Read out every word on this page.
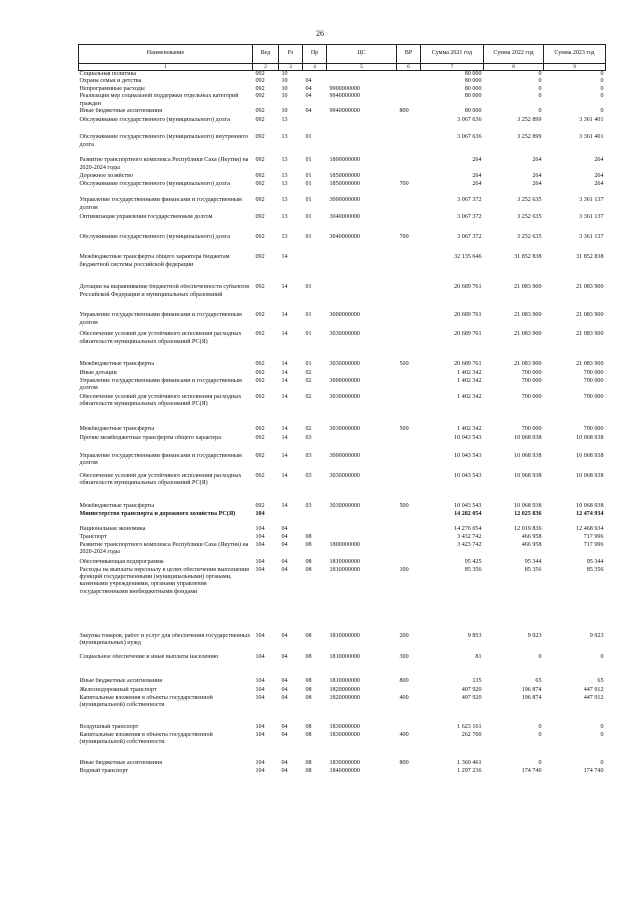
26
Наименование	Вед	Рз	Пр	ЦС	ВР	Сумма 2021 год	Сумма 2022 год	Сумма 2023 год
1	2	3	4	5	6	7	8	9
Социальная политика	092	10				80 000	0	0
Охрана семьи и детства	092	10	04			80 000	0	0
Непрограммные расходы	092	10	04	9900000000		80 000	0	0
Реализация мер социальной поддержки отдельных категорий граждан	092	10	04	9940000000		80 000	0	0
Иные бюджетные ассигнования	092	10	04	9940000000	800	80 000	0	0
Обслуживание государственного (муниципального) долга	092	13				3 067 636	3 252 899	3 361 401
Обслуживание государственного (муниципального) внутреннего долга	092	13	01			3 067 636	3 252 899	3 361 401
Развитие транспортного комплекса Республики Саха (Якутия) на 2020-2024 годы	092	13	01	1800000000		264	264	264
Дорожное хозяйство	092	13	01	1850000000		264	264	264
Обслуживание государственного (муниципального) долга	092	13	01	1850000000	700	264	264	264
Управление государственными финансами и государственным долгом	092	13	01	3000000000		3 067 372	3 252 635	3 361 137
Оптимизация управления государственным долгом	092	13	01	3040000000		3 067 372	3 252 635	3 361 137
Обслуживание государственного (муниципального) долга	092	13	01	3040000000	700	3 067 372	3 252 635	3 361 137
Межбюджетные трансферты общего характера бюджетам бюджетной системы российской федерации	092	14				32 135 646	31 852 838	31 852 838
Дотации на выравнивание бюджетной обеспеченности субъектов Российской Федерации и муниципальных образований	092	14	01			20 689 761	21 083 900	21 083 900
Управление государственными финансами и государственным долгом	092	14	01	3000000000		20 689 761	21 083 900	21 083 900
Обеспечение условий для устойчивого исполнения расходных обязательств муниципальных образований РС(Я)	092	14	01	3030000000		20 689 761	21 083 900	21 083 900
Межбюджетные трансферты	092	14	01	3030000000	500	20 689 761	21 083 900	21 083 900
Иные дотации	092	14	02			1 402 342	700 000	700 000
Управление государственными финансами и государственным долгом	092	14	02	3000000000		1 402 342	700 000	700 000
Обеспечение условий для устойчивого исполнения расходных обязательств муниципальных образований РС(Я)	092	14	02	3030000000		1 402 342	700 000	700 000
Межбюджетные трансферты	092	14	02	3030000000	500	1 402 342	700 000	700 000
Прочие межбюджетные трансферты общего характера	092	14	03			10 043 543	10 068 938	10 068 938
Управление государственными финансами и государственным долгом	092	14	03	3000000000		10 043 543	10 068 938	10 068 938
Обеспечение условий для устойчивого исполнения расходных обязательств муниципальных образований РС(Я)	092	14	03	3030000000		10 043 543	10 068 938	10 068 938
Межбюджетные трансферты	092	14	03	3030000000	500	10 043 543	10 068 938	10 068 938
Министерство транспорта и дорожного хозяйства РС(Я)	104					14 282 054	12 025 836	12 474 934
Национальная экономика	104	04				14 276 054	12 019 836	12 468 934
Транспорт	104	04	08			3 432 742	466 958	717 996
Развитие транспортного комплекса Республики Саха (Якутия) на 2020-2024 годы	104	04	08	1800000000		3 423 742	466 958	717 996
Обеспечивающая подпрограмма	104	04	08	1810000000		95 425	95 344	95 344
Расходы на выплаты персоналу в целях обеспечения выполнения функций государственными (муниципальными) органами, казенными учреждениями, органами управления государственными внебюджетными фондами	104	04	08	1810000000	100	85 356	85 356	85 356
Закупка товаров, работ и услуг для обеспечения государственных (муниципальных) нужд	104	04	08	1810000000	200	9 853	9 923	9 923
Социальное обеспечение и иные выплаты населению	104	04	08	1810000000	300	81	0	0
Иные бюджетные ассигнования	104	04	08	1810000000	800	135	65	65
Железнодорожный транспорт	104	04	08	1820000000		407 920	196 874	447 912
Капитальные вложения в объекты государственной (муниципальной) собственности	104	04	08	1820000000	400	407 920	196 874	447 912
Воздушный транспорт	104	04	08	1830000000		1 623 161	0	0
Капитальные вложения в объекты государственной (муниципальной) собственности	104	04	08	1830000000	400	262 700	0	0
Иные бюджетные ассигнования	104	04	08	1830000000	800	1 360 461	0	0
Водный транспорт	104	04	08	1840000000		1 297 236	174 740	174 740
